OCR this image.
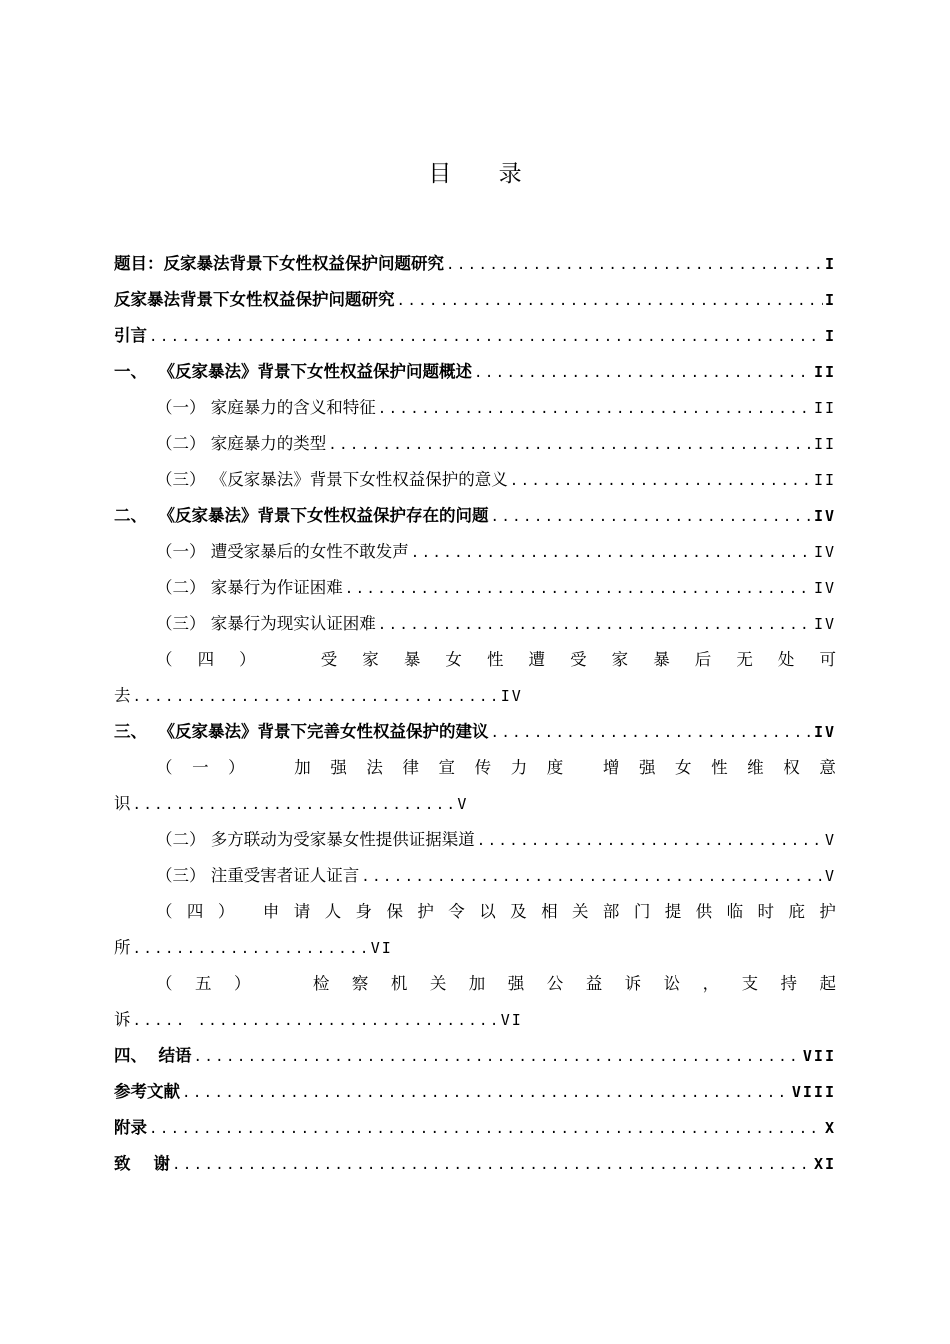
目 录
题目：反家暴法背景下女性权益保护问题研究 .....	I
反家暴法背景下女性权益保护问题研究 .....	I
引言 .....	I
一、  《反家暴法》背景下女性权益保护问题概述 .....	II
（一） 家庭暴力的含义和特征 .....	II
（二） 家庭暴力的类型 .....	II
（三） 《反家暴法》背景下女性权益保护的意义 .....	II
二、  《反家暴法》背景下女性权益保护存在的问题 .....	IV
（一） 遭受家暴后的女性不敢发声 .....	IV
（二） 家暴行为作证困难 .....	IV
（三） 家暴行为现实认证困难 .....	IV
（ 四 ）	受 家 暴 女 性 遭 受 家 暴 后 无 处 可
去 .................................. IV
三、  《反家暴法》背景下完善女性权益保护的建议 .....	IV
（ 一 ）	加 强 法 律 宣 传 力 度 增 强 女 性 维 权 意
识 .............................. V
（二） 多方联动为受家暴女性提供证据渠道 .....	V
（三） 注重受害者证人证言 .....	V
（ 四 ） 申 请 人 身 保 护 令 以 及 相 关 部 门 提 供 临 时 庇 护
所 ...................... VI
（ 五 ）	检 察 机 关 加 强 公 益 诉 讼 ， 支 持 起
诉 ..... ............................ VI
四、  结语 .....	VII
参考文献 .....	VIII
附录 .....	X
致    谢 .....	XI
